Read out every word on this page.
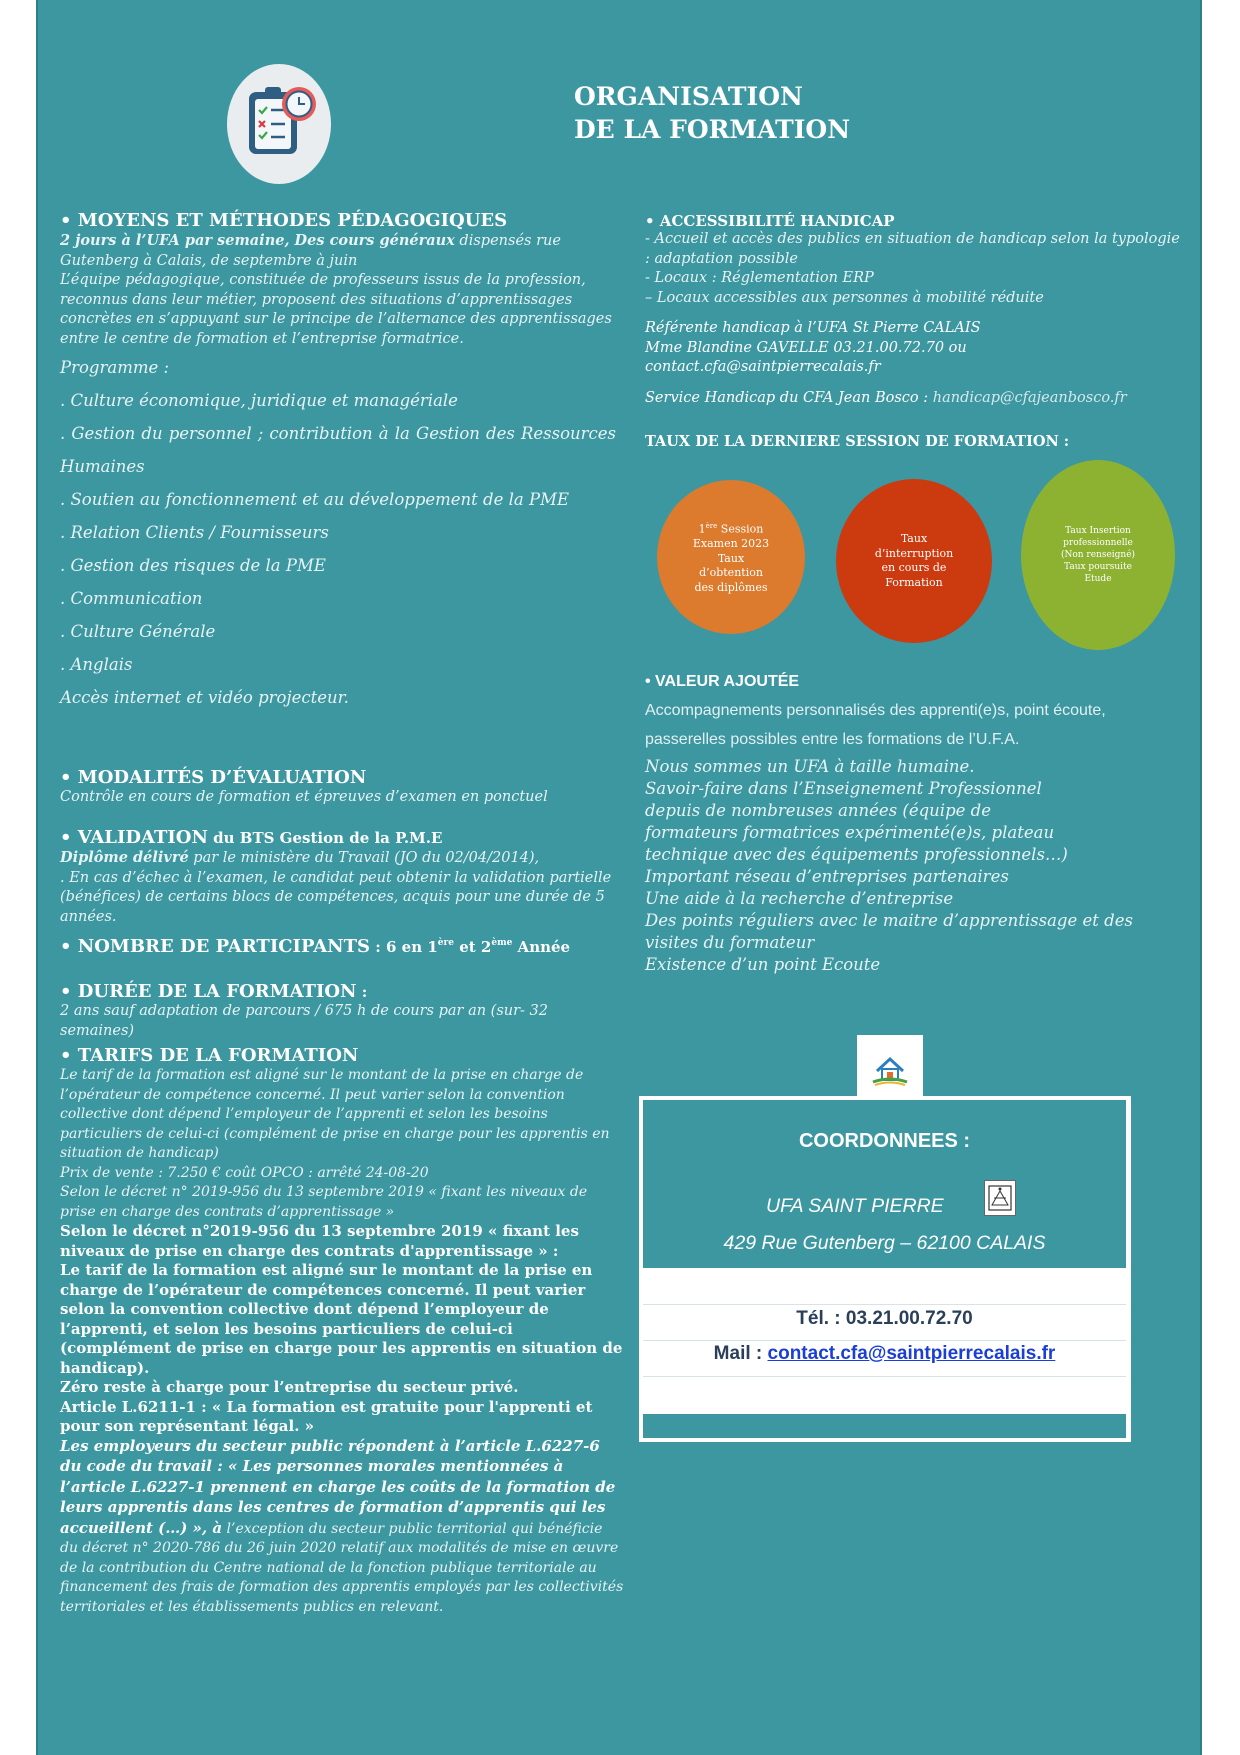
ORGANISATION
DE LA FORMATION
• MOYENS ET MÉTHODES PÉDAGOGIQUES
2 jours à l’UFA par semaine, Des cours généraux dispensés rue Gutenberg à Calais, de septembre à juin
L’équipe pédagogique, constituée de professeurs issus de la profession, reconnus dans leur métier, proposent des situations d’apprentissages concrètes en s’appuyant sur le principe de l’alternance des apprentissages entre le centre de formation et l’entreprise formatrice.
Programme :
. Culture économique, juridique et managériale
. Gestion du personnel ; contribution à la Gestion des Ressources Humaines
. Soutien au fonctionnement et au développement de la PME
. Relation Clients / Fournisseurs
. Gestion des risques de la PME
. Communication
. Culture Générale
. Anglais
Accès internet et vidéo projecteur.
• MODALITÉS D’ÉVALUATION
Contrôle en cours de formation et épreuves d’examen en ponctuel
• VALIDATION du BTS Gestion de la P.M.E
Diplôme délivré par le ministère du Travail (JO du 02/04/2014),
. En cas d’échec à l’examen, le candidat peut obtenir la validation partielle (bénéfices) de certains blocs de compétences, acquis pour une durée de 5 années.
• NOMBRE DE PARTICIPANTS : 6 en 1ère et 2ème Année
• DURÉE DE LA FORMATION :
2 ans sauf adaptation de parcours / 675 h de cours par an (sur- 32 semaines)
• TARIFS DE LA FORMATION
Le tarif de la formation est aligné sur le montant de la prise en charge de l’opérateur de compétence concerné. Il peut varier selon la convention collective dont dépend l’employeur de l’apprenti et selon les besoins particuliers de celui-ci (complément de prise en charge pour les apprentis en situation de handicap)
Prix de vente : 7.250 € coût OPCO : arrêté 24-08-20
Selon le décret n° 2019-956 du 13 septembre 2019 « fixant les niveaux de prise en charge des contrats d’apprentissage »
Selon le décret n°2019-956 du 13 septembre 2019 « fixant les niveaux de prise en charge des contrats d'apprentissage » :
Le tarif de la formation est aligné sur le montant de la prise en charge de l’opérateur de compétences concerné. Il peut varier selon la convention collective dont dépend l’employeur de l’apprenti, et selon les besoins particuliers de celui-ci (complément de prise en charge pour les apprentis en situation de handicap).
Zéro reste à charge pour l’entreprise du secteur privé.
Article L.6211-1 : « La formation est gratuite pour l'apprenti et pour son représentant légal. »
Les employeurs du secteur public répondent à l’article L.6227-6 du code du travail : « Les personnes morales mentionnées à l’article L.6227-1 prennent en charge les coûts de la formation de leurs apprentis dans les centres de formation d’apprentis qui les accueillent (…) », à l’exception du secteur public territorial qui bénéficie du décret n° 2020-786 du 26 juin 2020 relatif aux modalités de mise en œuvre de la contribution du Centre national de la fonction publique territoriale au financement des frais de formation des apprentis employés par les collectivités territoriales et les établissements publics en relevant.
• ACCESSIBILITÉ HANDICAP
- Accueil et accès des publics en situation de handicap selon la typologie : adaptation possible
- Locaux : Réglementation ERP
– Locaux accessibles aux personnes à mobilité réduite
Référente handicap à l’UFA St Pierre CALAIS
Mme Blandine GAVELLE 03.21.00.72.70 ou contact.cfa@saintpierrecalais.fr
Service Handicap du CFA Jean Bosco : handicap@cfajeanbosco.fr
TAUX DE LA DERNIERE SESSION DE FORMATION :
1ère Session
Examen 2023
Taux
d’obtention
des diplômes
Taux
d’interruption
en cours de
Formation
Taux Insertion
professionnelle
(Non renseigné)
Taux poursuite
Etude
• VALEUR AJOUTÉE
Accompagnements personnalisés des apprenti(e)s, point écoute, passerelles possibles entre les formations de l’U.F.A.
Nous sommes un UFA à taille humaine.
Savoir-faire dans l’Enseignement Professionnel depuis de nombreuses années (équipe de formateurs formatrices expérimenté(e)s, plateau technique avec des équipements professionnels…)
Important réseau d’entreprises partenaires
Une aide à la recherche d’entreprise
Des points réguliers avec le maitre d’apprentissage et des visites du formateur
Existence d’un point Ecoute
COORDONNEES :
UFA SAINT PIERRE
429 Rue Gutenberg – 62100 CALAIS
Tél. : 03.21.00.72.70
Mail : contact.cfa@saintpierrecalais.fr
